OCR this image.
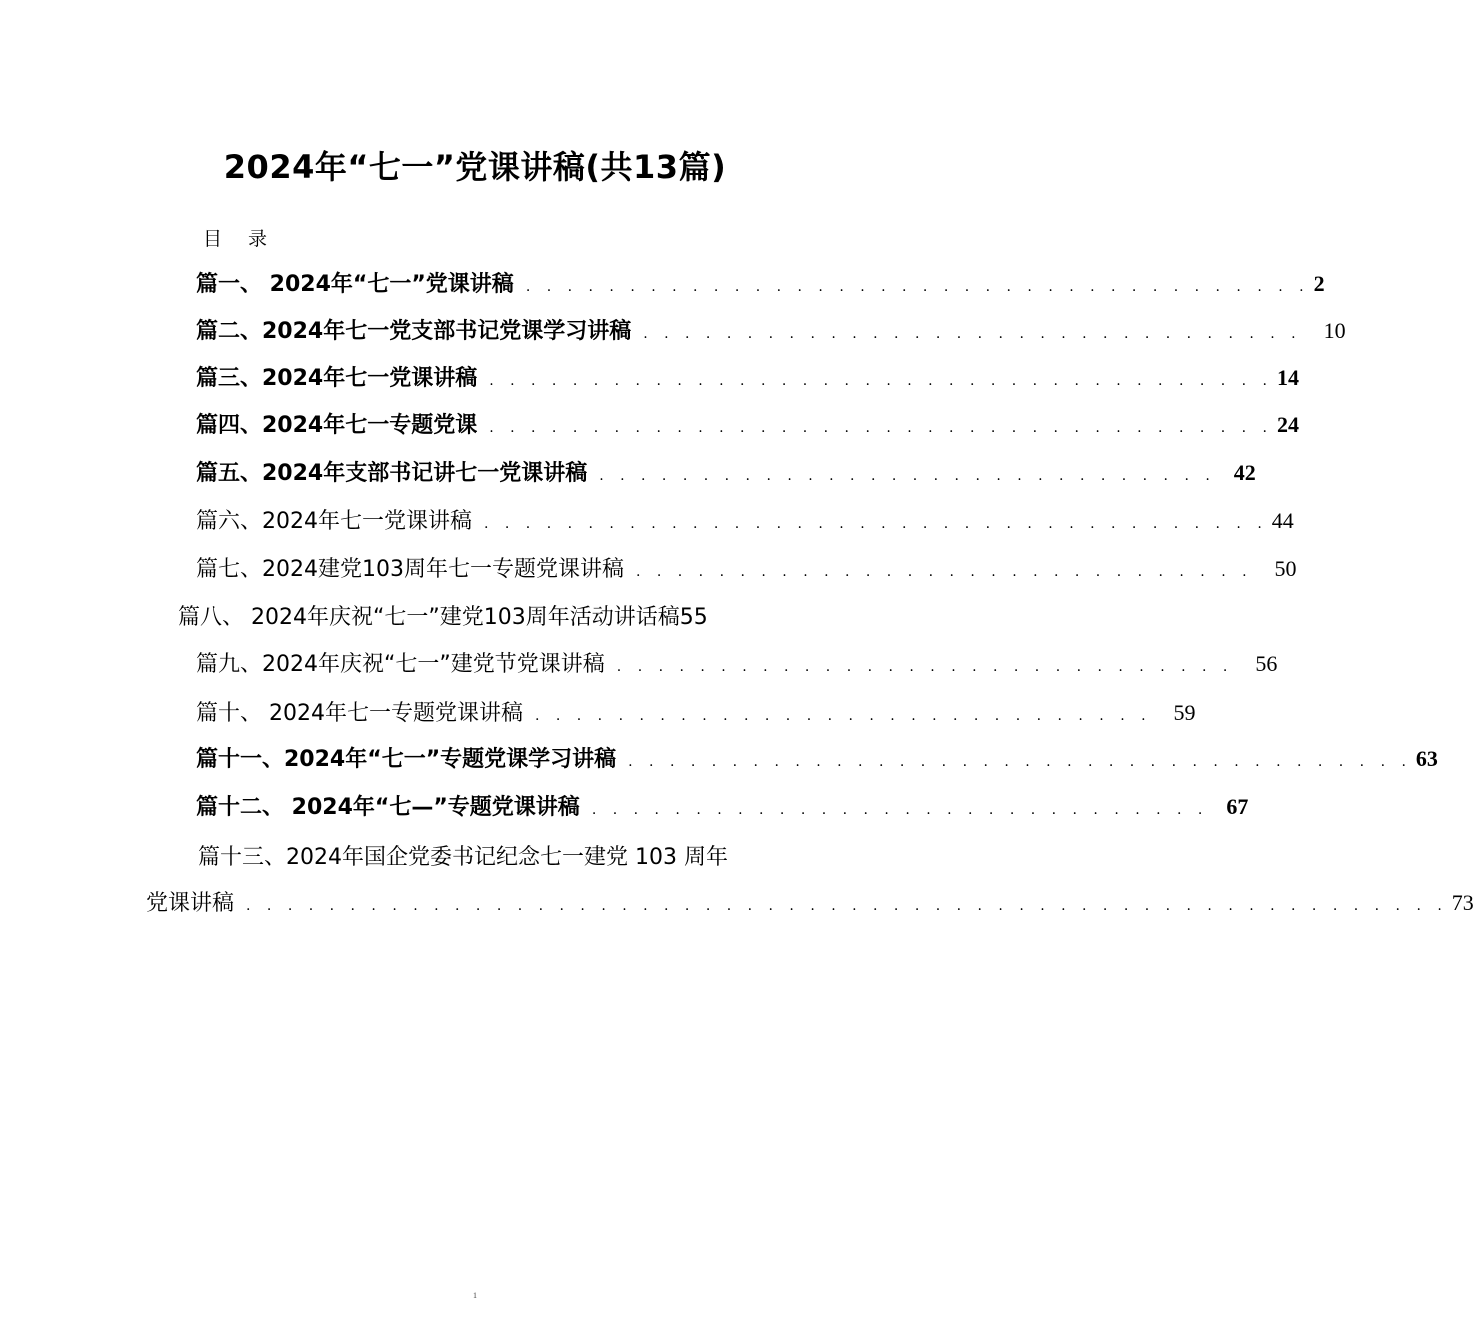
2024年“七一”党课讲稿(共13篇)
目录
篇一、 2024年“七一”党课讲稿 . . . . . . . . . . . . . . . . . . . . . . . . . . . . . . . . . . . . . . 2
篇二、2024年七一党支部书记党课学习讲稿 . . . . . . . . . . . . . . . . . . . . . . . . . . . . . . . .	10
篇三、2024年七一党课讲稿 . . . . . . . . . . . . . . . . . . . . . . . . . . . . . . . . . . . . . . 14
篇四、2024年七一专题党课 . . . . . . . . . . . . . . . . . . . . . . . . . . . . . . . . . . . . . . 24
篇五、2024年支部书记讲七一党课讲稿 . . . . . . . . . . . . . . . . . . . . . . . . . . . . . . 42
篇六、2024年七一党课讲稿 . . . . . . . . . . . . . . . . . . . . . . . . . . . . . . . . . . . . . . 44
篇七、2024建党103周年七一专题党课讲稿 . . . . . . . . . . . . . . . . . . . . . . . . . . . . . .	50
篇八、 2024年庆祝“七一”建党103周年活动讲话稿 55
篇九、2024年庆祝“七一”建党节党课讲稿 . . . . . . . . . . . . . . . . . . . . . . . . . . . . . .	56
篇十、 2024年七一专题党课讲稿 . . . . . . . . . . . . . . . . . . . . . . . . . . . . . .	59
篇十一、2024年“七一”专题党课学习讲稿 . . . . . . . . . . . . . . . . . . . . . . . . . . . . . . . . . . . . . . 63
篇十二、 2024年“七—”专题党课讲稿 . . . . . . . . . . . . . . . . . . . . . . . . . . . . . . 67
篇十三、2024年国企党委书记纪念七一建党 103 周年
党课讲稿 . . . . . . . . . . . . . . . . . . . . . . . . . . . . . . . . . . . . . . . . . . . . . . . . . . . . . . . . . . 73
1
